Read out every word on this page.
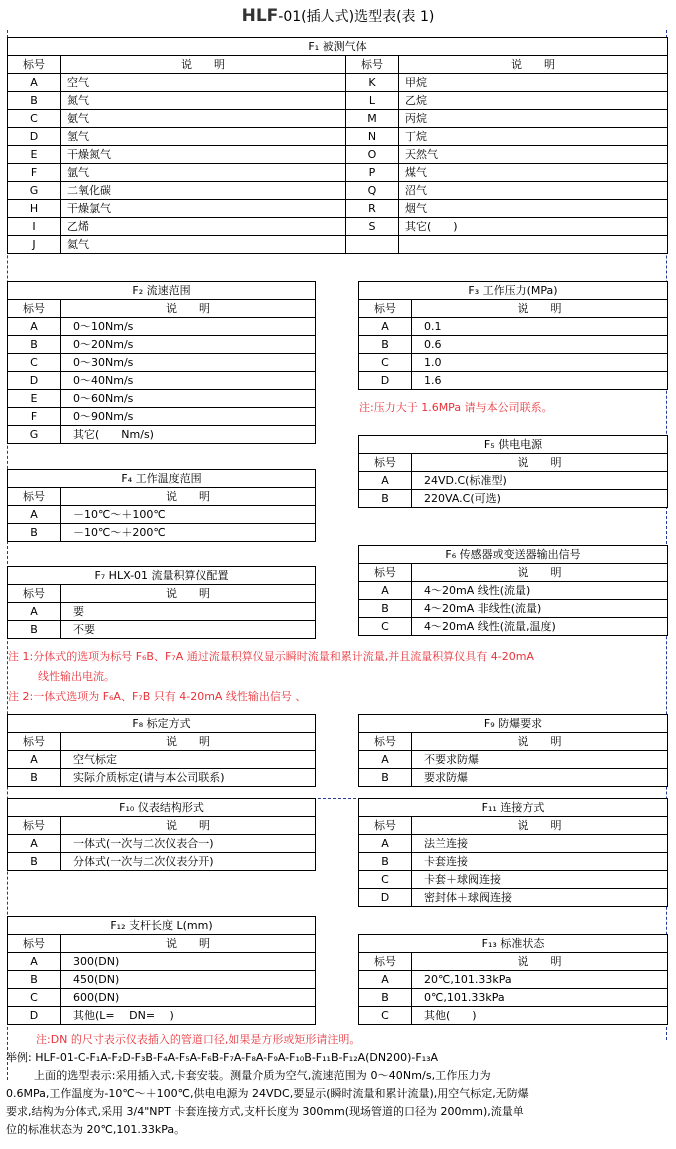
HLF-01(插人式)选型表(表 1)
F₁ 被测气体			
标号	说　　明	标号	说　　明
A	空气	K	甲烷
B	氮气	L	乙烷
C	氨气	M	丙烷
D	氢气	N	丁烷
E	干燥氮气	O	天然气
F	氩气	P	煤气
G	二氧化碳	Q	沼气
H	干燥氯气	R	烟气
I	乙烯	S	其它(　　)
J	氦气		
F₂ 流速范围	
标号	说　　明
A	0～10Nm/s
B	0～20Nm/s
C	0～30Nm/s
D	0～40Nm/s
E	0～60Nm/s
F	0～90Nm/s
G	其它(　　Nm/s)
F₃ 工作压力(MPa)	
标号	说　　明
A	0.1
B	0.6
C	1.0
D	1.6
注:压力大于 1.6MPa 请与本公司联系。
F₄ 工作温度范围	
标号	说　　明
A	－10℃～＋100℃
B	－10℃～＋200℃
F₅ 供电电源	
标号	说　　明
A	24VD.C(标准型)
B	220VA.C(可选)
F₆ 传感器或变送器输出信号	
标号	说　　明
A	4～20mA 线性(流量)
B	4～20mA 非线性(流量)
C	4～20mA 线性(流量,温度)
F₇ HLX-01 流量积算仪配置	
标号	说　　明
A	要
B	不要
注 1:分体式的选项为标号 F₆B、F₇A 通过流量积算仪显示瞬时流量和累计流量,并且流量积算仪具有 4-20mA
线性输出电流。
注 2:一体式选项为 F₆A、F₇B 只有 4-20mA 线性输出信号 、
F₈ 标定方式	
标号	说　　明
A	空气标定
B	实际介质标定(请与本公司联系)
F₉ 防爆要求	
标号	说　　明
A	不要求防爆
B	要求防爆
F₁₀ 仪表结构形式	
标号	说　　明
A	一体式(一次与二次仪表合一)
B	分体式(一次与二次仪表分开)
F₁₁ 连接方式	
标号	说　　明
A	法兰连接
B	卡套连接
C	卡套＋球阀连接
D	密封体＋球阀连接
F₁₂ 支杆长度 L(mm)	
标号	说　　明
A	300(DN)
B	450(DN)
C	600(DN)
D	其他(L=　 DN=　 )
F₁₃ 标准状态	
标号	说　　明
A	20℃,101.33kPa
B	0℃,101.33kPa
C	其他(　　)
注:DN 的尺寸表示仪表插入的管道口径,如果是方形或矩形请注明。
举例: HLF-01-C-F₁A-F₂D-F₃B-F₄A-F₅A-F₆B-F₇A-F₈A-F₉A-F₁₀B-F₁₁B-F₁₂A(DN200)-F₁₃A
上面的选型表示:采用插入式,卡套安装。测量介质为空气,流速范围为 0～40Nm/s,工作压力为
0.6MPa,工作温度为-10℃～＋100℃,供电电源为 24VDC,要显示(瞬时流量和累计流量),用空气标定,无防爆
要求,结构为分体式,采用 3/4"NPT 卡套连接方式,支杆长度为 300mm(现场管道的口径为 200mm),流量单
位的标准状态为 20℃,101.33kPa。
